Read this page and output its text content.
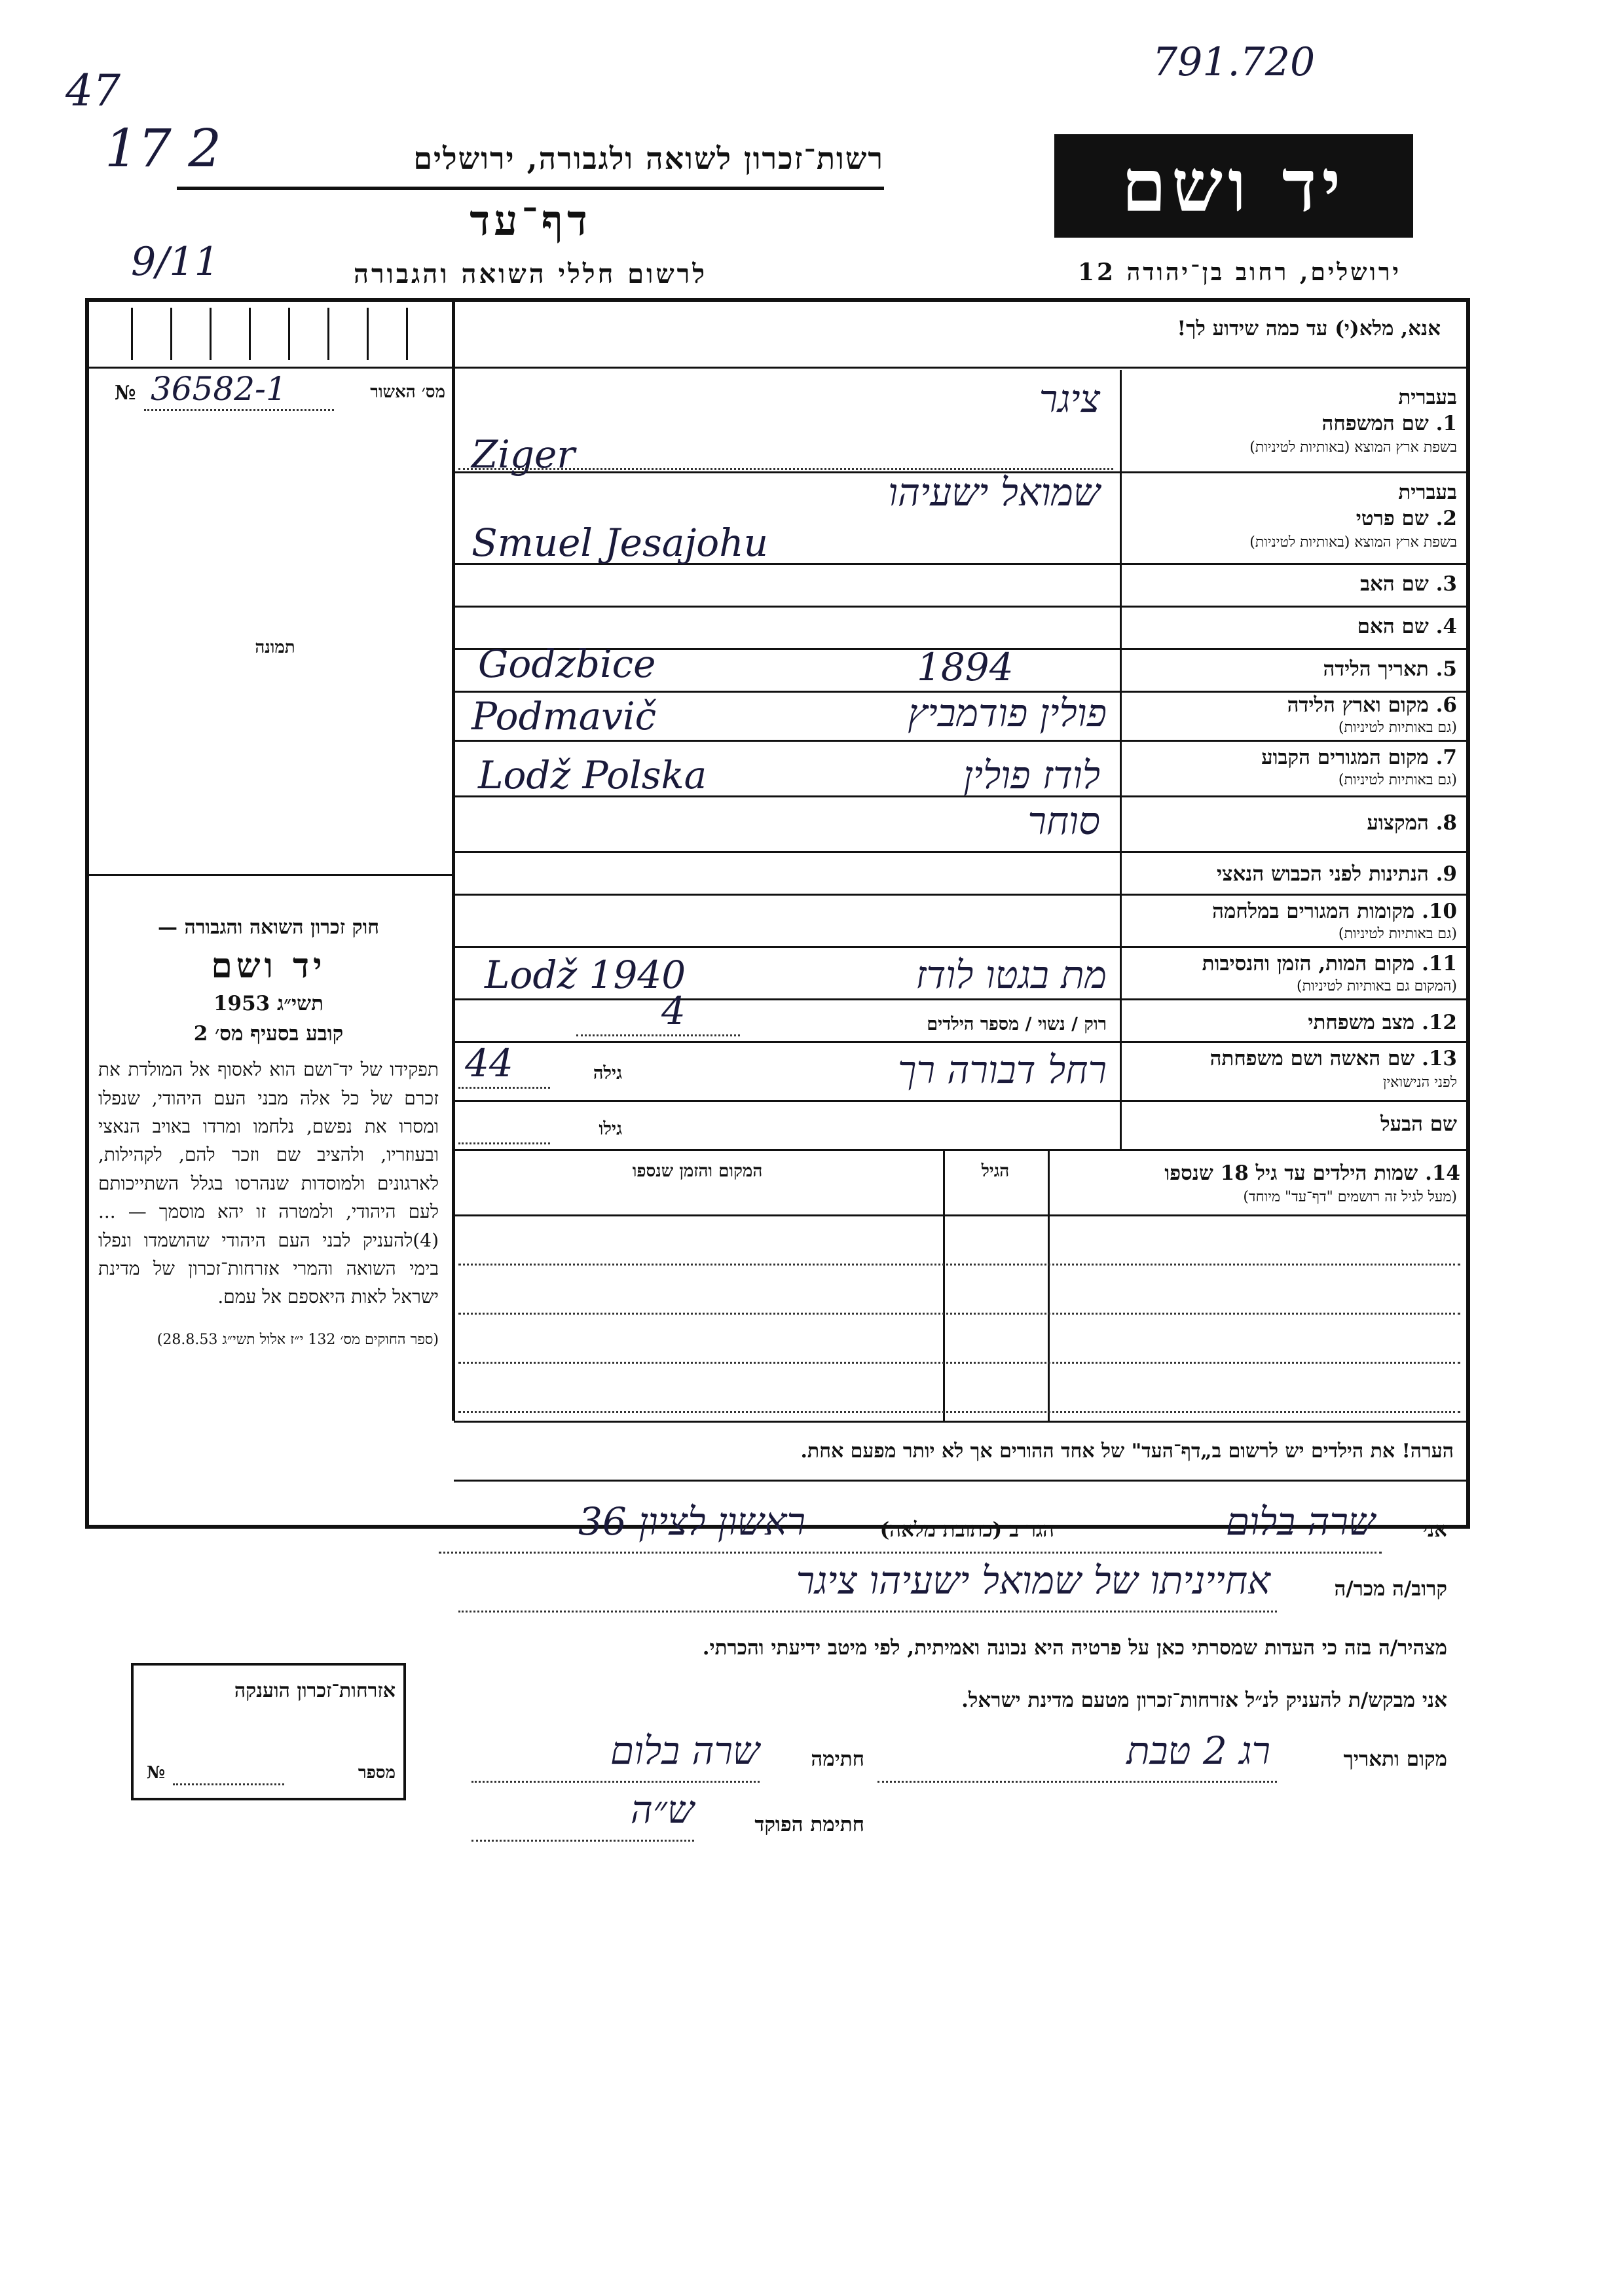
791.720
47
17 2
9/11
רשות־זכרון לשואה ולגבורה, ירושלים
דף־עד
לרשום חללי השואה והגבורה
יד ושם
ירושלים, רחוב בן־יהודה 12
אנא, מלא(י) עד כמה שידוע לך!
מס׳ האשור
№ 36582-1
תמונה
חוק זכרון השואה והגבורה —
יד ושם
תשי״ג 1953
קובע בסעיף מס׳ 2
תפקידו של יד־ושם הוא לאסוף אל המולדת את זכרם של כל אלה מבני העם היהודי, שנפלו ומסרו את נפשם, נלחמו ומרדו באויב הנאצי ובעוזריו, ולהציב שם וזכר להם, לקהילות, לארגונים ולמוסדות שנהרסו בגלל השתייכותם לעם היהודי, ולמטרה זו יהא מוסמך — ...(4)להעניק לבני העם היהודי שהושמדו ונפלו בימי השואה והמרי אזרחות־זכרון של מדינת ישראל לאות היאספם אל עמם.
(ספר החוקים מס׳ 132 י״ז אלול תשי״ג 28.8.53)
בעברית
1. שם המשפחה
בשפת ארץ המוצא (באותיות לטיניות)
ציגר
Ziger
בעברית
2. שם פרטי
בשפת ארץ המוצא (באותיות לטיניות)
שמואל ישעיהו
Smuel Jesajohu
3. שם האב
4. שם האם
5. תאריך הלידה
Godzbice	1894
6. מקום וארץ הלידה
(גם באותיות לטיניות)
Podmavič	פולין פודמביץ
7. מקום המגורים הקבוע
(גם באותיות לטיניות)
Lodž Polska	לודז פולין
8. המקצוע
סוחר
9. הנתינות לפני הכבוש הנאצי
10. מקומות המגורים במלחמה
(גם באותיות לטיניות)
11. מקום המות, הזמן והנסיבות
(המקום גם באותיות לטיניות)
Lodž 1940	מת בגטו לודז
12. מצב משפחתי
רוק / נשוי / מספר הילדים
4
13. שם האשה ושם משפחתה
לפני הנישואין
רחל דבורה רך
גילה
44
שם הבעל
גילו
14. שמות הילדים עד גיל 18 שנספו
(מעל לגיל זה רושמים "דף־עד" מיוחד)
הגיל
המקום והזמן שנספו
הערה! את הילדים יש לרשום ב„דף־העד" של אחד ההורים אך לא יותר מפעם אחת.
אני
שרה בלום
הגר ב (כתובת מלאה)
ראשון לציון 36
קרוב/ה מכר/ה
אחייניתו של שמואל ישעיהו ציגר
מצהיר/ה בזה כי העדות שמסרתי כאן על פרטיה היא נכונה ואמיתית, לפי מיטב ידיעתי והכרתי.
אני מבקש/ת להעניק לנ״ל אזרחות־זכרון מטעם מדינת ישראל.
מקום ותאריך
רג 2 טבת
חתימה
שרה בלום
חתימת הפוקד
ש״ה
אזרחות־זכרון הוענקה
מספר
№
